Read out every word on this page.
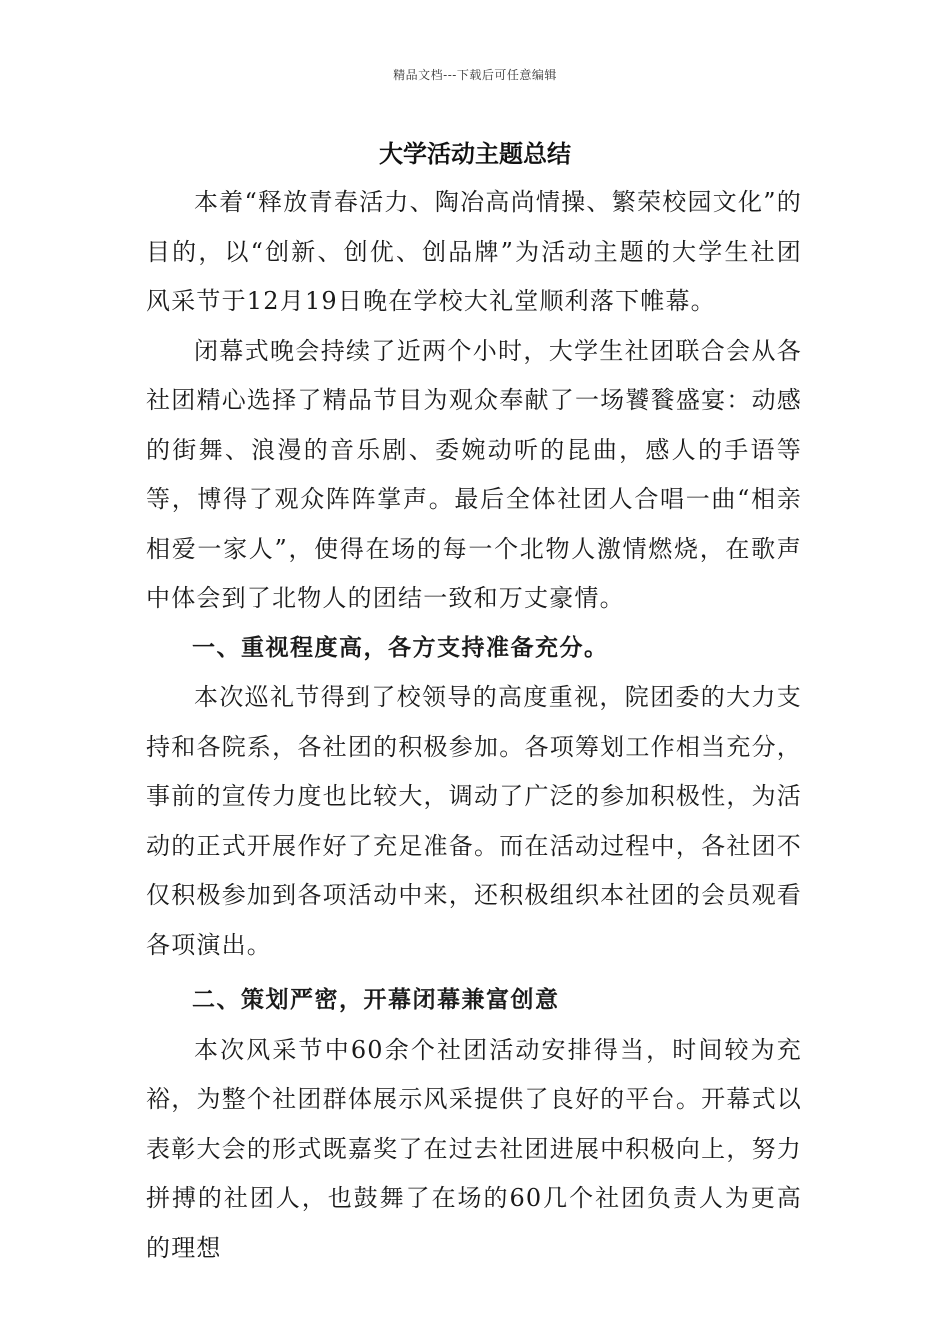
精品文档---下载后可任意编辑
大学活动主题总结

本着“释放青春活力、陶冶高尚情操、繁荣校园文化”的目的，以“创新、创优、创品牌”为活动主题的大学生社团风采节于12月19日晚在学校大礼堂顺利落下帷幕。

闭幕式晚会持续了近两个小时，大学生社团联合会从各社团精心选择了精品节目为观众奉献了一场饕餮盛宴：动感的街舞、浪漫的音乐剧、委婉动听的昆曲，感人的手语等等，博得了观众阵阵掌声。最后全体社团人合唱一曲“相亲相爱一家人”，使得在场的每一个北物人激情燃烧，在歌声中体会到了北物人的团结一致和万丈豪情。

一、重视程度高，各方支持准备充分。

本次巡礼节得到了校领导的高度重视，院团委的大力支持和各院系，各社团的积极参加。各项筹划工作相当充分，事前的宣传力度也比较大，调动了广泛的参加积极性，为活动的正式开展作好了充足准备。而在活动过程中，各社团不仅积极参加到各项活动中来，还积极组织本社团的会员观看各项演出。

二、策划严密，开幕闭幕兼富创意

本次风采节中60余个社团活动安排得当，时间较为充裕，为整个社团群体展示风采提供了良好的平台。开幕式以表彰大会的形式既嘉奖了在过去社团进展中积极向上，努力拼搏的社团人，也鼓舞了在场的60几个社团负责人为更高的理想
